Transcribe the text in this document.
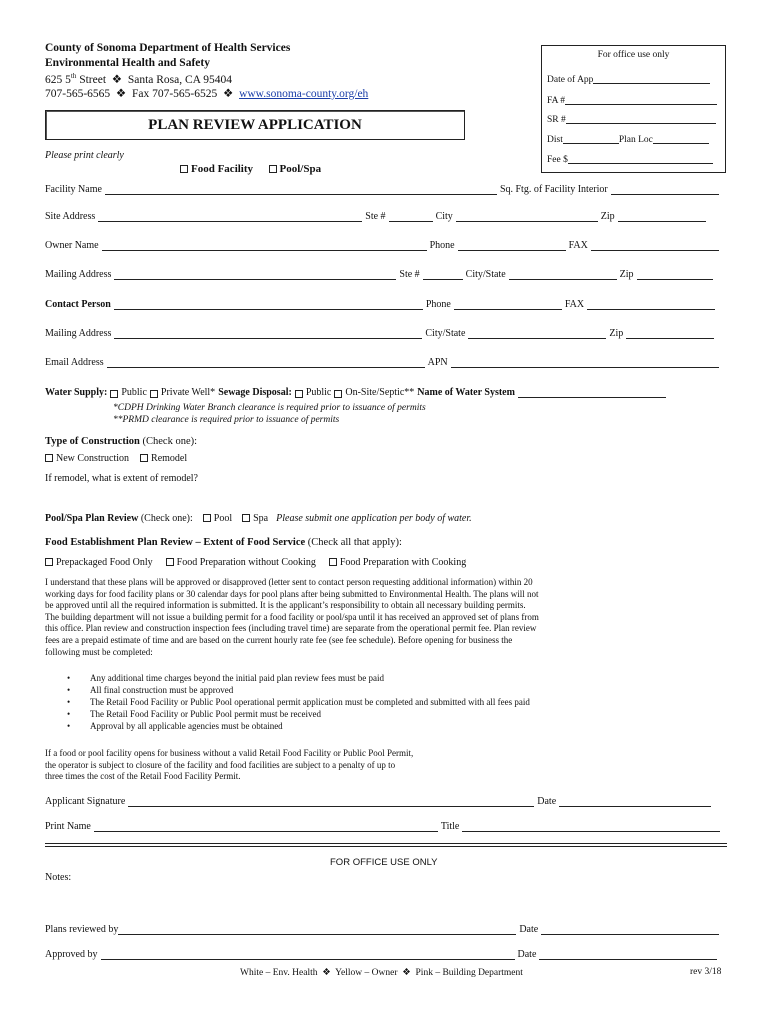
County of Sonoma Department of Health Services
Environmental Health and Safety
625 5th Street  ❖  Santa Rosa, CA 95404
707-565-6565  ❖  Fax 707-565-6525  ❖  www.sonoma-county.org/eh
PLAN REVIEW APPLICATION
Please print clearly
Food Facility Pool/Spa
For office use only
Date of App
FA #
SR #
Dist	Plan Loc
Fee $
Facility Name	Sq. Ftg. of Facility Interior
Site Address	Ste #	City	Zip
Owner Name	Phone	FAX
Mailing Address	Ste #	City/State	Zip
Contact Person	Phone	FAX
Mailing Address	City/State	Zip
Email Address	APN
Water Supply: Public Private Well* Sewage Disposal: Public On-Site/Septic** Name of Water System
*CDPH Drinking Water Branch clearance is required prior to issuance of permits
**PRMD clearance is required prior to issuance of permits
Type of Construction (Check one):
New Construction Remodel
If remodel, what is extent of remodel?
Pool/Spa Plan Review (Check one): Pool Spa Please submit one application per body of water.
Food Establishment Plan Review – Extent of Food Service (Check all that apply):
Prepackaged Food Only Food Preparation without Cooking Food Preparation with Cooking
I understand that these plans will be approved or disapproved (letter sent to contact person requesting additional information) within 20 working days for food facility plans or 30 calendar days for pool plans after being submitted to Environmental Health. The plans will not be approved until all the required information is submitted. It is the applicant’s responsibility to obtain all necessary building permits. The building department will not issue a building permit for a food facility or pool/spa until it has received an approved set of plans from this office. Plan review and construction inspection fees (including travel time) are separate from the operational permit fee. Plan review fees are a prepaid estimate of time and are based on the current hourly rate fee (see fee schedule). Before opening for business the following must be completed:
•	Any additional time charges beyond the initial paid plan review fees must be paid
•	All final construction must be approved
•	The Retail Food Facility or Public Pool operational permit application must be completed and submitted with all fees paid
•	The Retail Food Facility or Public Pool permit must be received
•	Approval by all applicable agencies must be obtained
If a food or pool facility opens for business without a valid Retail Food Facility or Public Pool Permit, the operator is subject to closure of the facility and food facilities are subject to a penalty of up to three times the cost of the Retail Food Facility Permit.
Applicant Signature	Date
Print Name	Title
FOR OFFICE USE ONLY
Notes:
Plans reviewed by	Date
Approved by	Date
White – Env. Health  ❖  Yellow – Owner  ❖  Pink – Building Department	rev 3/18
